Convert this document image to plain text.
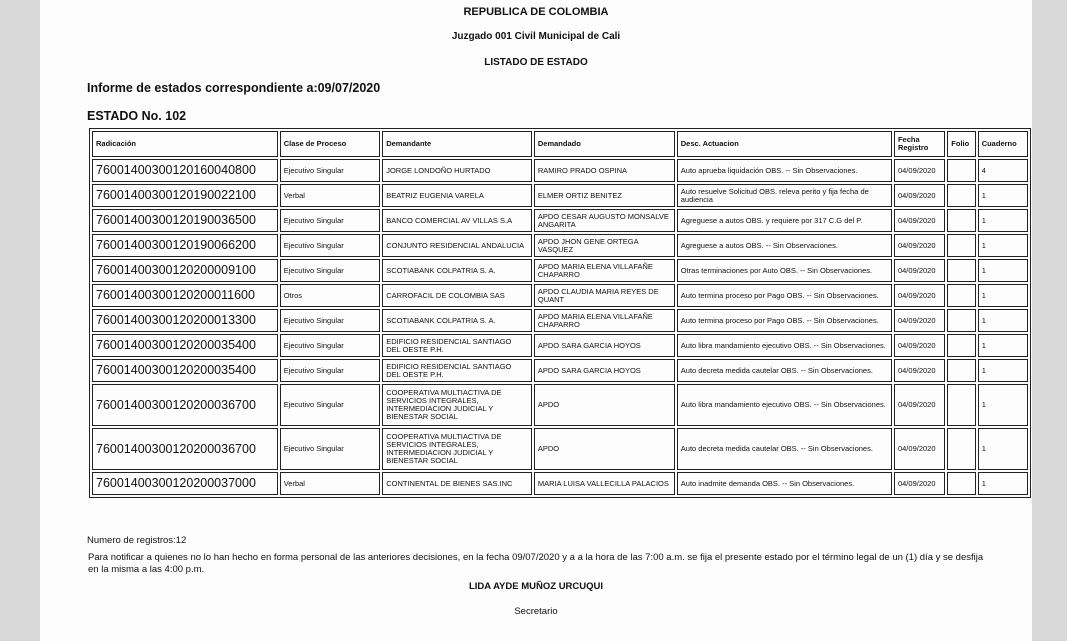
REPUBLICA DE COLOMBIA
Juzgado 001 Civil Municipal de Cali
LISTADO DE ESTADO
Informe de estados correspondiente a:09/07/2020
ESTADO No. 102
Radicación	Clase de Proceso	Demandante	Demandado	Desc. Actuacion	Fecha Registro	Folio	Cuaderno
76001400300120160040800	Ejecutivo Singular	JORGE LONDOÑO HURTADO	RAMIRO PRADO OSPINA	Auto aprueba liquidación OBS. -- Sin Observaciones.	04/09/2020		4
76001400300120190022100	Verbal	BEATRIZ EUGENIA VARELA	ELMER ORTIZ BENITEZ	Auto resuelve Solicitud OBS. releva perito y fija fecha de audiencia	04/09/2020		1
76001400300120190036500	Ejecutivo Singular	BANCO COMERCIAL AV VILLAS S.A	APDO CESAR AUGUSTO MONSALVE ANGARITA	Agreguese a autos OBS. y requiere por 317 C.G del P.	04/09/2020		1
76001400300120190066200	Ejecutivo Singular	CONJUNTO RESIDENCIAL ANDALUCIA	APDO JHON GENE ORTEGA VASQUEZ	Agreguese a autos OBS. -- Sin Observaciones.	04/09/2020		1
76001400300120200009100	Ejecutivo Singular	SCOTIABANK COLPATRIA S. A.	APDO MARIA ELENA VILLAFAÑE CHAPARRO	Otras terminaciones por Auto OBS. -- Sin Observaciones.	04/09/2020		1
76001400300120200011600	Otros	CARROFACIL DE COLOMBIA SAS	APDO CLAUDIA MARIA REYES DE QUANT	Auto termina proceso por Pago OBS. -- Sin Observaciones.	04/09/2020		1
76001400300120200013300	Ejecutivo Singular	SCOTIABANK COLPATRIA S. A.	APDO MARIA ELENA VILLAFAÑE CHAPARRO	Auto termina proceso por Pago OBS. -- Sin Observaciones.	04/09/2020		1
76001400300120200035400	Ejecutivo Singular	EDIFICIO RESIDENCIAL SANTIAGO DEL OESTE P.H.	APDO SARA GARCIA HOYOS	Auto libra mandamiento ejecutivo OBS. -- Sin Observaciones.	04/09/2020		1
76001400300120200035400	Ejecutivo Singular	EDIFICIO RESIDENCIAL SANTIAGO DEL OESTE P.H.	APDO SARA GARCIA HOYOS	Auto decreta medida cautelar OBS. -- Sin Observaciones.	04/09/2020		1
76001400300120200036700	Ejecutivo Singular	COOPERATIVA MULTIACTIVA DE SERVICIOS INTEGRALES, INTERMEDIACION JUDICIAL Y BIENESTAR SOCIAL	APDO	Auto libra mandamiento ejecutivo OBS. -- Sin Observaciones.	04/09/2020		1
76001400300120200036700	Ejecutivo Singular	COOPERATIVA MULTIACTIVA DE SERVICIOS INTEGRALES, INTERMEDIACION JUDICIAL Y BIENESTAR SOCIAL	APDO	Auto decreta medida cautelar OBS. -- Sin Observaciones.	04/09/2020		1
76001400300120200037000	Verbal	CONTINENTAL DE BIENES SAS.INC	MARIA LUISA VALLECILLA PALACIOS	Auto inadmite demanda OBS. -- Sin Observaciones.	04/09/2020		1
Numero de registros:12
Para notificar a quienes no lo han hecho en forma personal de las anteriores decisiones, en la fecha 09/07/2020 y a a la hora de las 7:00 a.m. se fija el presente estado por el término legal de un (1) día y se desfija en la misma a las 4:00 p.m.
LIDA AYDE MUÑOZ URCUQUI
Secretario
